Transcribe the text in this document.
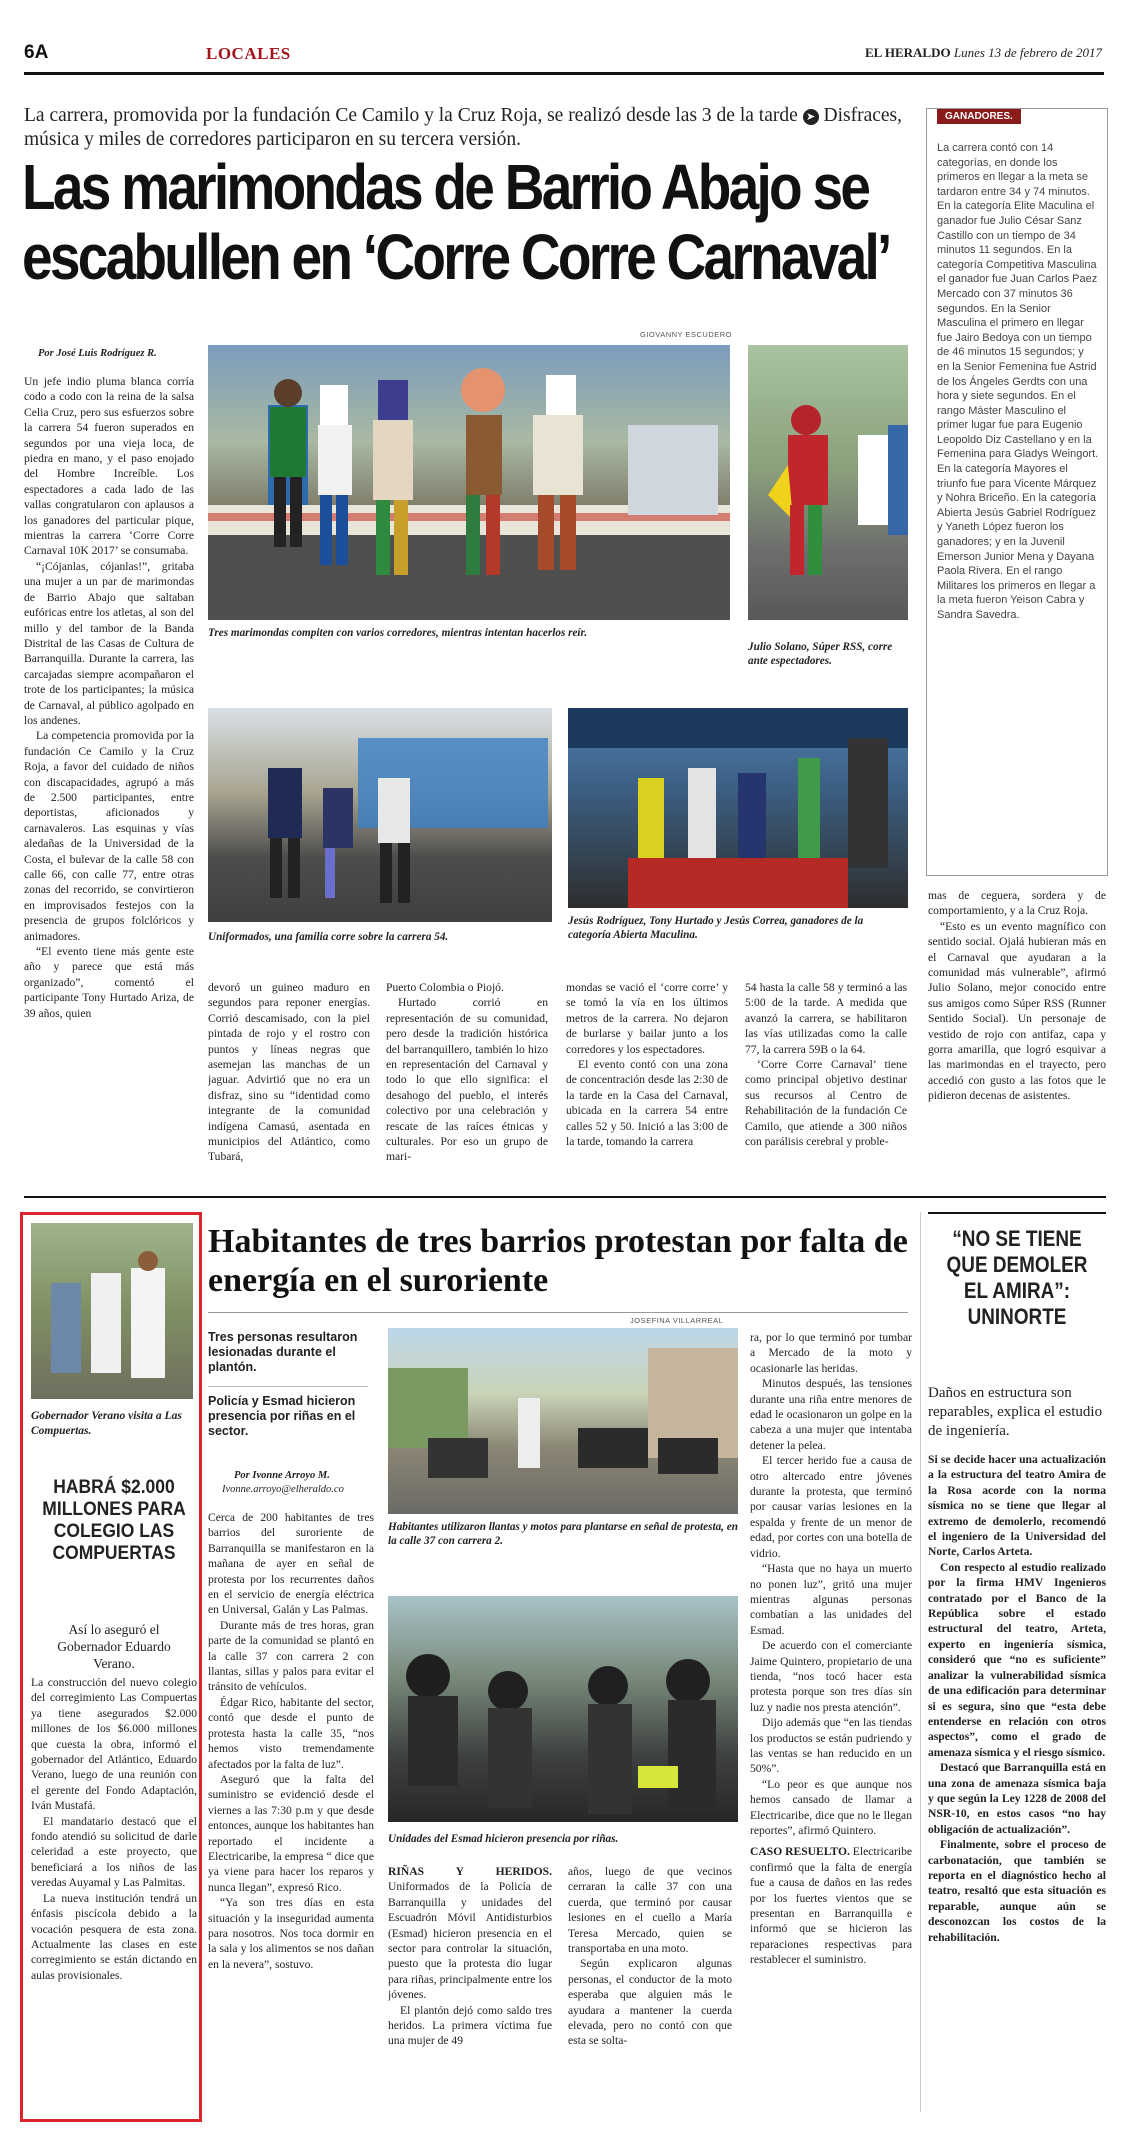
6A	LOCALES	EL HERALDO Lunes 13 de febrero de 2017
La carrera, promovida por la fundación Ce Camilo y la Cruz Roja, se realizó desde las 3 de la tarde ➤ Disfraces, música y miles de corredores participaron en su tercera versión.
Las marimondas de Barrio Abajo se
escabullen en ‘Corre Corre Carnaval’
GIOVANNY ESCUDERO
Tres marimondas compiten con varios corredores, mientras intentan hacerlos reír.
Julio Solano, Súper RSS, corre ante espectadores.
Uniformados, una familia corre sobre la carrera 54.
Jesús Rodríguez, Tony Hurtado y Jesús Correa, ganadores de la categoría Abierta Maculina.
Por José Luis Rodríguez R.

Un jefe indio pluma blanca corría codo a codo con la reina de la salsa Celia Cruz, pero sus esfuerzos sobre la carrera 54 fueron superados en segundos por una vieja loca, de piedra en mano, y el paso enojado del Hombre Increíble. Los espectadores a cada lado de las vallas congratularon con aplausos a los ganadores del particular pique, mientras la carrera ‘Corre Corre Carnaval 10K 2017’ se consumaba.

“¡Cójanlas, cójanlas!”, gritaba una mujer a un par de marimondas de Barrio Abajo que saltaban eufóricas entre los atletas, al son del millo y del tambor de la Banda Distrital de las Casas de Cultura de Barranquilla. Durante la carrera, las carcajadas siempre acompañaron el trote de los participantes; la música de Carnaval, al público agolpado en los andenes.

La competencia promovida por la fundación Ce Camilo y la Cruz Roja, a favor del cuidado de niños con discapacidades, agrupó a más de 2.500 participantes, entre deportistas, aficionados y carnavaleros. Las esquinas y vías aledañas de la Universidad de la Costa, el bulevar de la calle 58 con calle 66, con calle 77, entre otras zonas del recorrido, se convirtieron en improvisados festejos con la presencia de grupos folclóricos y animadores.

“El evento tiene más gente este año y parece que está más organizado”, comentó el participante Tony Hurtado Ariza, de 39 años, quien

devoró un guineo maduro en segundos para reponer energías. Corrió descamisado, con la piel pintada de rojo y el rostro con puntos y líneas negras que asemejan las manchas de un jaguar. Advirtió que no era un disfraz, sino su “identidad como integrante de la comunidad indígena Camasú, asentada en municipios del Atlántico, como Tubará,

Puerto Colombia o Piojó.

Hurtado corrió en representación de su comunidad, pero desde la tradición histórica del barranquillero, también lo hizo en representación del Carnaval y todo lo que ello significa: el desahogo del pueblo, el interés colectivo por una celebración y rescate de las raíces étnicas y culturales. Por eso un grupo de mari-

mondas se vació el ‘corre corre’ y se tomó la vía en los últimos metros de la carrera. No dejaron de burlarse y bailar junto a los corredores y los espectadores.

El evento contó con una zona de concentración desde las 2:30 de la tarde en la Casa del Carnaval, ubicada en la carrera 54 entre calles 52 y 50. Inició a las 3:00 de la tarde, tomando la carrera

54 hasta la calle 58 y terminó a las 5:00 de la tarde. A medida que avanzó la carrera, se habilitaron las vías utilizadas como la calle 77, la carrera 59B o la 64.

‘Corre Corre Carnaval’ tiene como principal objetivo destinar sus recursos al Centro de Rehabilitación de la fundación Ce Camilo, que atiende a 300 niños con parálisis cerebral y proble-

mas de ceguera, sordera y de comportamiento, y a la Cruz Roja.

“Esto es un evento magnífico con sentido social. Ojalá hubieran más en el Carnaval que ayudaran a la comunidad más vulnerable”, afirmó Julio Solano, mejor conocido entre sus amigos como Súper RSS (Runner Sentido Social). Un personaje de vestido de rojo con antifaz, capa y gorra amarilla, que logró esquivar a las marimondas en el trayecto, pero accedió con gusto a las fotos que le pidieron decenas de asistentes.

GANADORES.
La carrera contó con 14 categorías, en donde los primeros en llegar a la meta se tardaron entre 34 y 74 minutos. En la categoría Elite Maculina el ganador fue Julio César Sanz Castillo con un tiempo de 34 minutos 11 segundos. En la categoría Competitiva Masculina el ganador fue Juan Carlos Paez Mercado con 37 minutos 36 segundos. En la Senior Masculina el primero en llegar fue Jairo Bedoya con un tiempo de 46 minutos 15 segundos; y en la Senior Femenina fue Astrid de los Ángeles Gerdts con una hora y siete segundos. En el rango Máster Masculino el primer lugar fue para Eugenio Leopoldo Diz Castellano y en la Femenina para Gladys Weingort. En la categoría Mayores el triunfo fue para Vicente Márquez y Nohra Briceño. En la categoría Abierta Jesús Gabriel Rodríguez y Yaneth López fueron los ganadores; y en la Juvenil Emerson Junior Mena y Dayana Paola Rivera. En el rango Militares los primeros en llegar a la meta fueron Yeison Cabra y Sandra Savedra.
Gobernador Verano visita a Las Compuertas.
HABRÁ $2.000 MILLONES PARA COLEGIO LAS COMPUERTAS
Así lo aseguró el Gobernador Eduardo Verano.

La construcción del nuevo colegio del corregimiento Las Compuertas ya tiene asegurados $2.000 millones de los $6.000 millones que cuesta la obra, informó el gobernador del Atlántico, Eduardo Verano, luego de una reunión con el gerente del Fondo Adaptación, Iván Mustafá.

El mandatario destacó que el fondo atendió su solicitud de darle celeridad a este proyecto, que beneficiará a los niños de las veredas Auyamal y Las Palmitas.

La nueva institución tendrá un énfasis piscícola debido a la vocación pesquera de esta zona. Actualmente las clases en este corregimiento se están dictando en aulas provisionales.

Habitantes de tres barrios protestan por falta de energía en el suroriente
JOSEFINA VILLARREAL
Tres personas resultaron lesionadas durante el plantón.
Policía y Esmad hicieron presencia por riñas en el sector.
Por Ivonne Arroyo M.
Ivonne.arroyo@elheraldo.co

Cerca de 200 habitantes de tres barrios del suroriente de Barranquilla se manifestaron en la mañana de ayer en señal de protesta por los recurrentes daños en el servicio de energía eléctrica en Universal, Galán y Las Palmas.

Durante más de tres horas, gran parte de la comunidad se plantó en la calle 37 con carrera 2 con llantas, sillas y palos para evitar el tránsito de vehículos.

Édgar Rico, habitante del sector, contó que desde el punto de protesta hasta la calle 35, “nos hemos visto tremendamente afectados por la falta de luz”.

Aseguró que la falta del suministro se evidenció desde el viernes a las 7:30 p.m y que desde entonces, aunque los habitantes han reportado el incidente a Electricaribe, la empresa “ dice que ya viene para hacer los reparos y nunca llegan”, expresó Rico.

“Ya son tres días en esta situación y la inseguridad aumenta para nosotros. Nos toca dormir en la sala y los alimentos se nos dañan en la nevera”, sostuvo.

Habitantes utilizaron llantas y motos para plantarse en señal de protesta, en la calle 37 con carrera 2.
Unidades del Esmad hicieron presencia por riñas.

RIÑAS Y HERIDOS. Uniformados de la Policía de Barranquilla y unidades del Escuadrón Móvil Antidisturbios (Esmad) hicieron presencia en el sector para controlar la situación, puesto que la protesta dio lugar para riñas, principalmente entre los jóvenes.

El plantón dejó como saldo tres heridos. La primera víctima fue una mujer de 49

años, luego de que vecinos cerraran la calle 37 con una cuerda, que terminó por causar lesiones en el cuello a María Teresa Mercado, quien se transportaba en una moto.

Según explicaron algunas personas, el conductor de la moto esperaba que alguien más le ayudara a mantener la cuerda elevada, pero no contó con que esta se solta-

ra, por lo que terminó por tumbar a Mercado de la moto y ocasionarle las heridas.

Minutos después, las tensiones durante una riña entre menores de edad le ocasionaron un golpe en la cabeza a una mujer que intentaba detener la pelea.

El tercer herido fue a causa de otro altercado entre jóvenes durante la protesta, que terminó por causar varias lesiones en la espalda y frente de un menor de edad, por cortes con una botella de vidrio.

“Hasta que no haya un muerto no ponen luz”, gritó una mujer mientras algunas personas combatían a las unidades del Esmad.

De acuerdo con el comerciante Jaime Quintero, propietario de una tienda, “nos tocó hacer esta protesta porque son tres días sin luz y nadie nos presta atención”.

Dijo además que “en las tiendas los productos se están pudriendo y las ventas se han reducido en un 50%”.

“Lo peor es que aunque nos hemos cansado de llamar a Electricaribe, dice que no le llegan reportes”, afirmó Quintero.

CASO RESUELTO. Electricaribe confirmó que la falta de energía fue a causa de daños en las redes por los fuertes vientos que se presentan en Barranquilla e informó que se hicieron las reparaciones respectivas para restablecer el suministro.

“NO SE TIENE QUE DEMOLER EL AMIRA”: UNINORTE
Daños en estructura son reparables, explica el estudio de ingeniería.

Si se decide hacer una actualización a la estructura del teatro Amira de la Rosa acorde con la norma sísmica no se tiene que llegar al extremo de demolerlo, recomendó el ingeniero de la Universidad del Norte, Carlos Arteta.

Con respecto al estudio realizado por la firma HMV Ingenieros contratado por el Banco de la República sobre el estado estructural del teatro, Arteta, experto en ingeniería sísmica, consideró que “no es suficiente” analizar la vulnerabilidad sísmica de una edificación para determinar si es segura, sino que “esta debe entenderse en relación con otros aspectos”, como el grado de amenaza sísmica y el riesgo sísmico.

Destacó que Barranquilla está en una zona de amenaza sísmica baja y que según la Ley 1228 de 2008 del NSR-10, en estos casos “no hay obligación de actualización”.

Finalmente, sobre el proceso de carbonatación, que también se reporta en el diagnóstico hecho al teatro, resaltó que esta situación es reparable, aunque aún se desconozcan los costos de la rehabilitación.
